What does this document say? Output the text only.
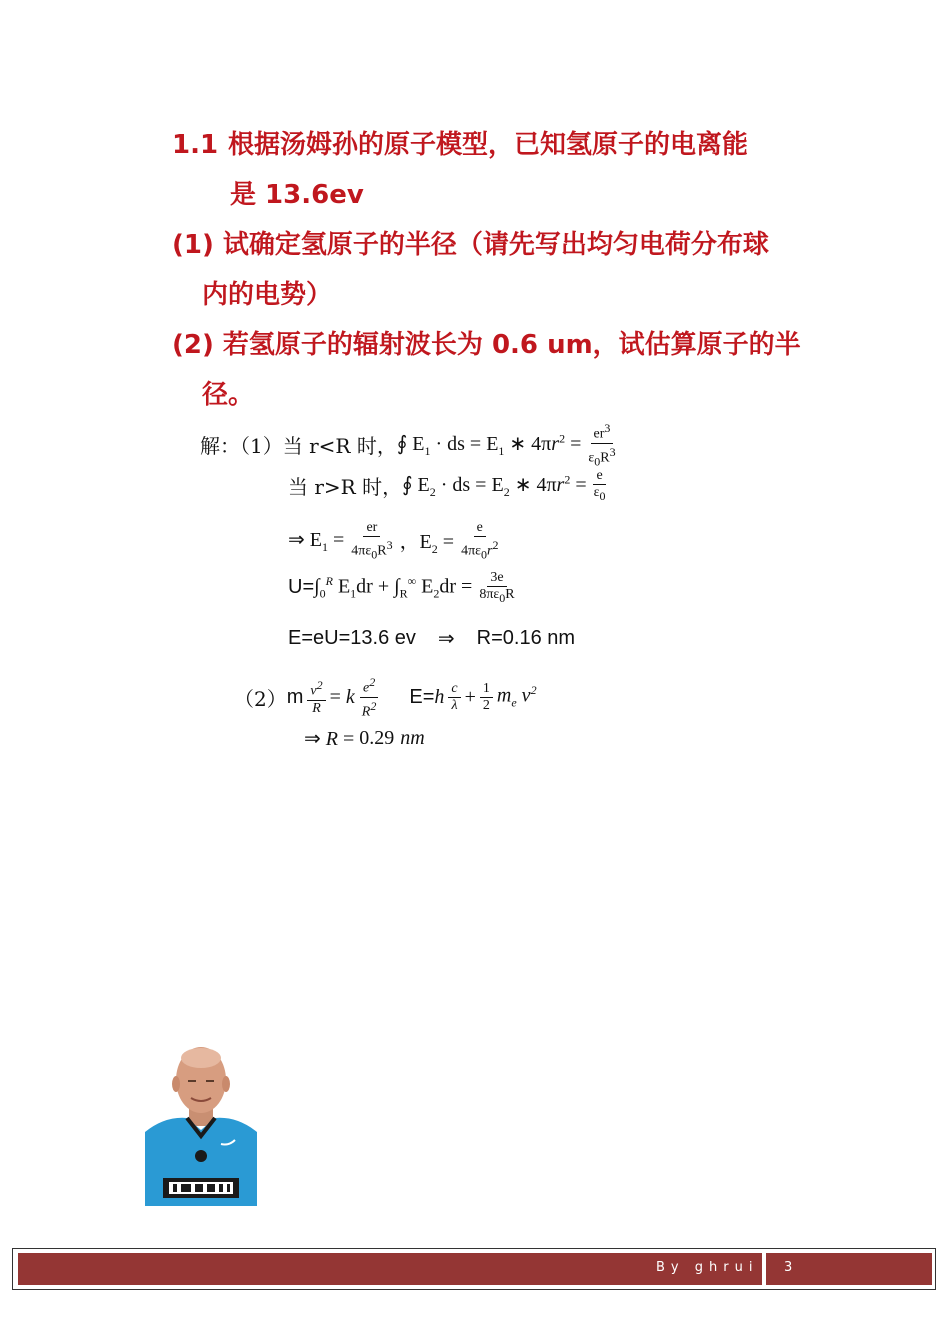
1.1 根据汤姆孙的原子模型，已知氢原子的电离能
是 13.6ev
(1) 试确定氢原子的半径（请先写出均匀电荷分布球
内的电势）
(2) 若氢原子的辐射波长为 0.6 um，试估算原子的半
径。
解：（1） 当 r<R 时， ∮ $E_1$ · ds = $E_1$ ∗ $4\pi r^2 = \frac{er^3}{\varepsilon_0R^3}$
当 r>R 时， ∮ $E_2$ · ds = $E_2$ ∗ $4\pi r^2 = \frac{e}{\varepsilon_0}$
⇒ $E_1 = \frac{er}{4\pi\varepsilon_0R^3}$ ，$E_2 = \frac{e}{4\pi\varepsilon_0r^2}$
$U= \int_0^R$ $E_1dr + \int_R^\infty$ $E_2dr = \frac{3e}{8\pi\varepsilon_0R}$
E=eU=13.6 ev ⇒ R=0.16 nm
（2） m $\frac{v^2}{R} = k \frac{e^2}{R^2} E= h \frac{c}{\lambda} + \frac{1}{2} m_e$ $v^2$
⇒ R = 0.29 nm
By ghrui 3
